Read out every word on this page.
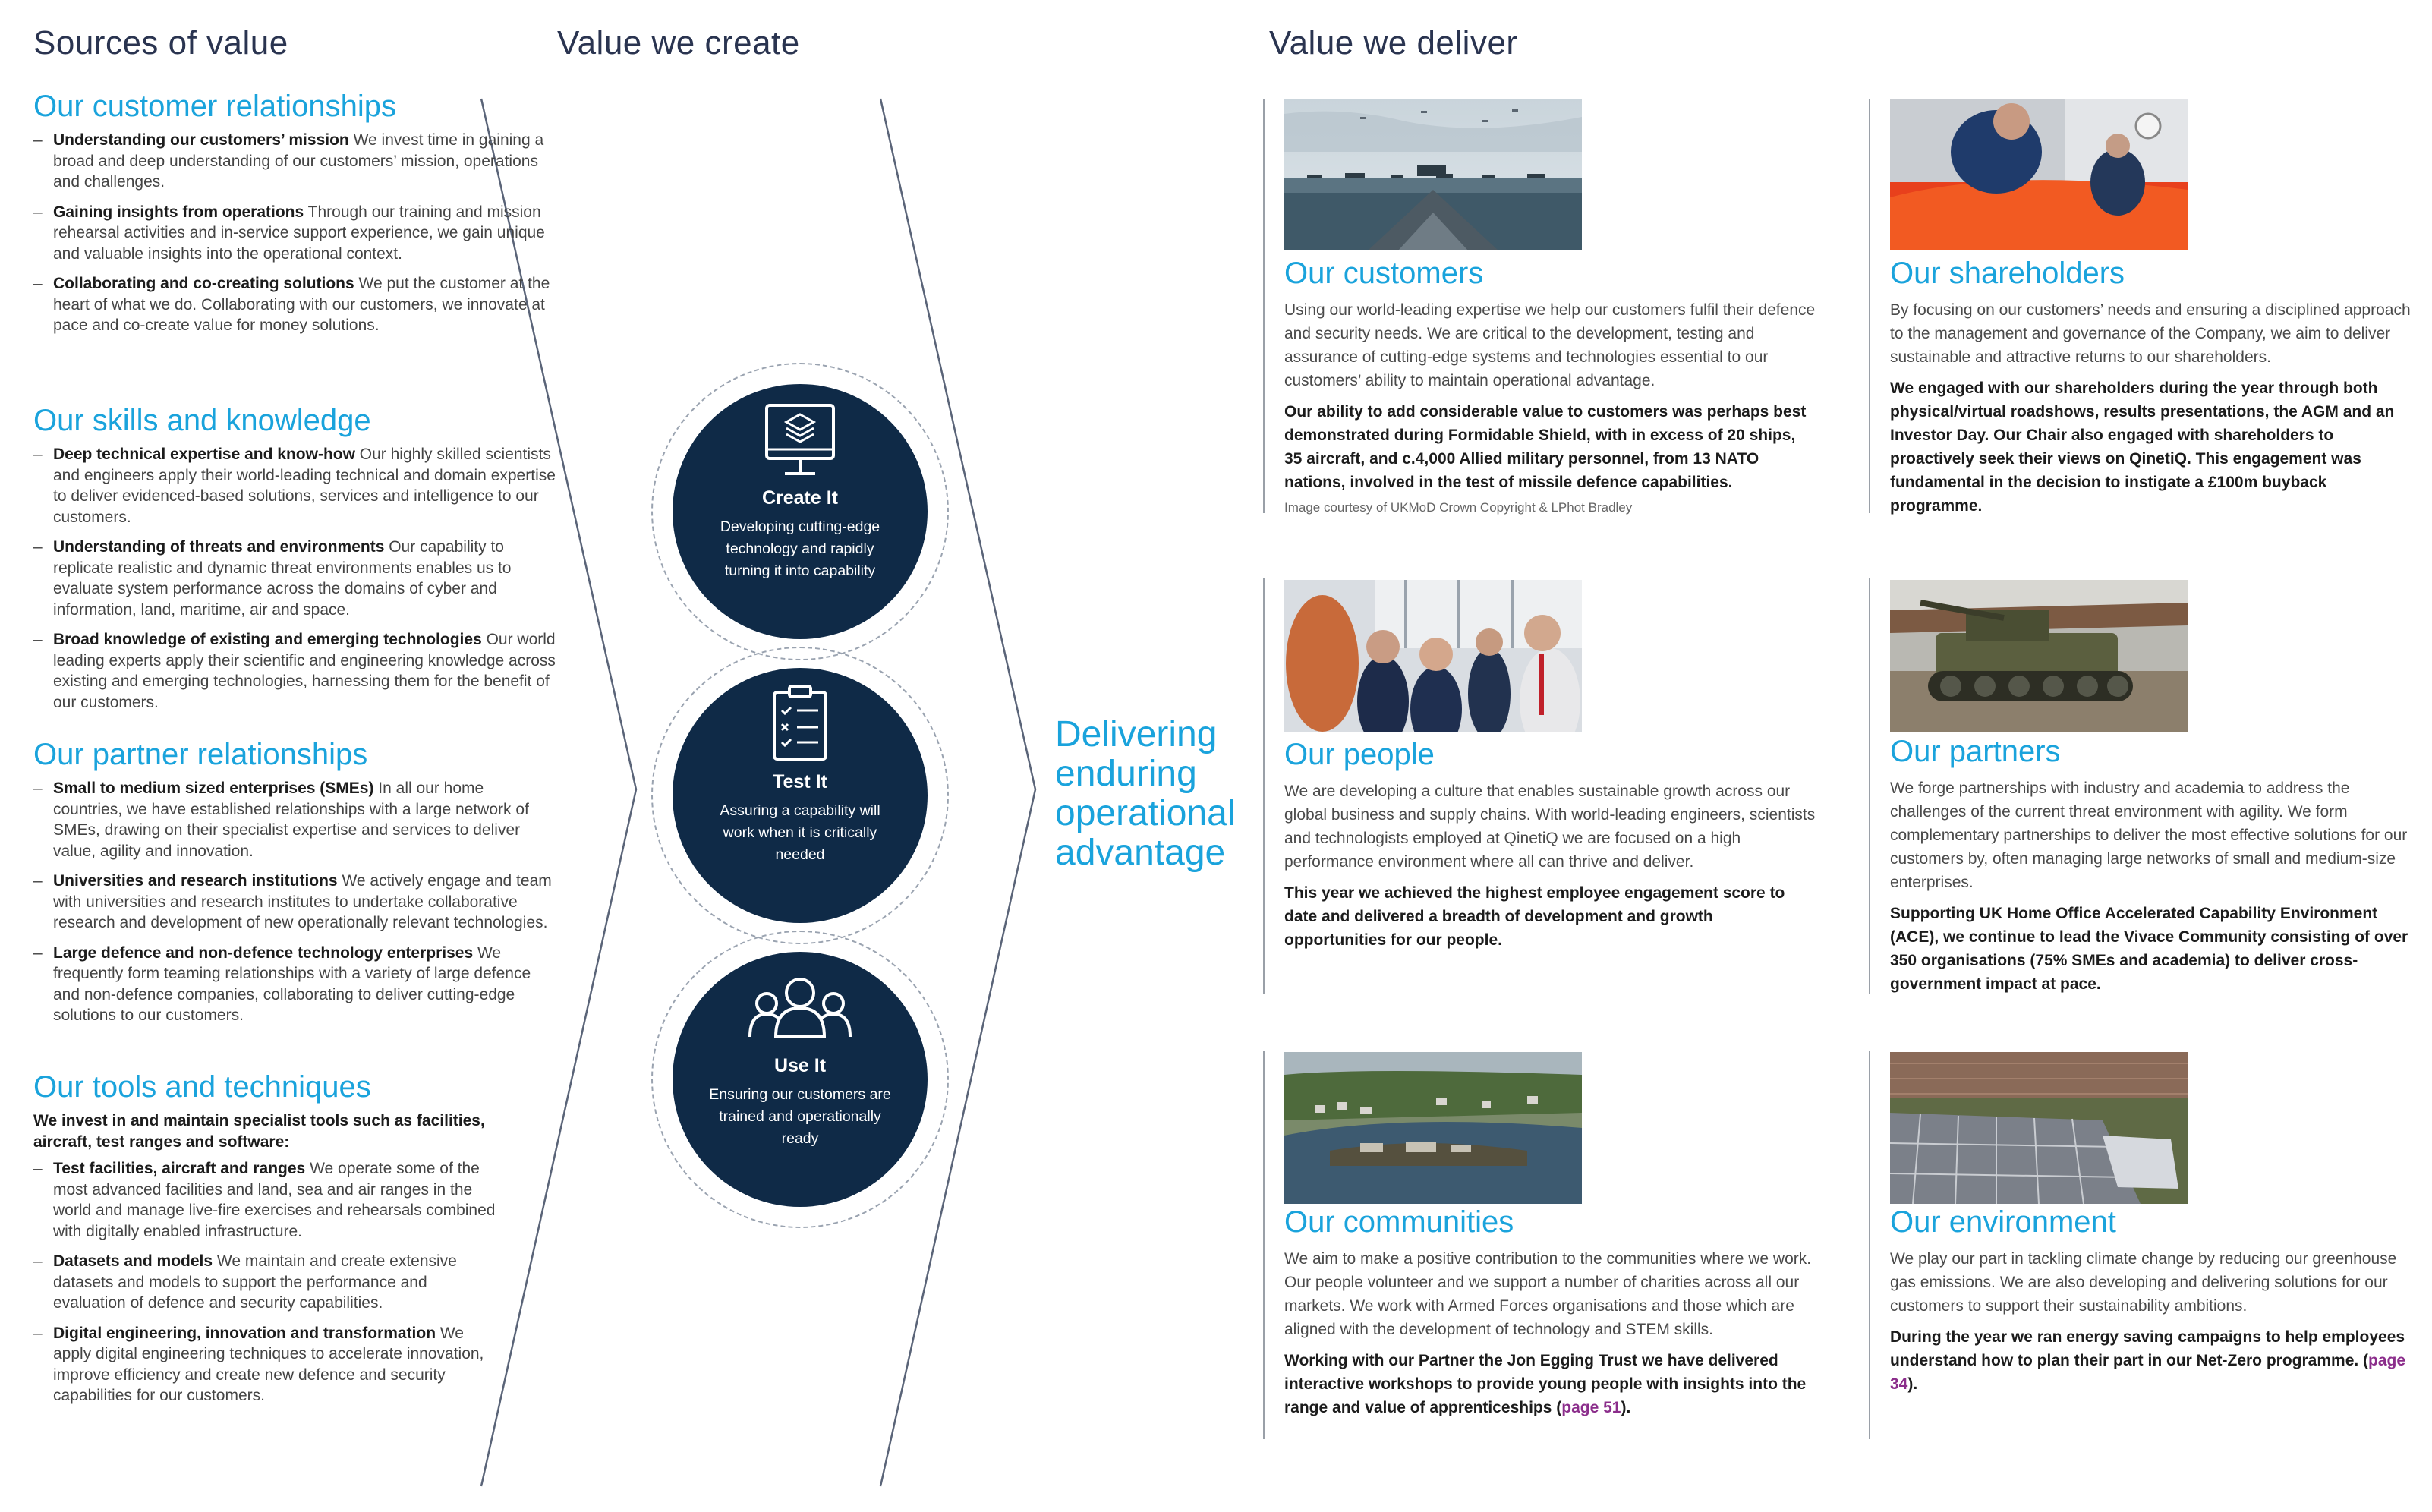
Sources of value	Value we create	Value we deliver
Our customer relationships
– Understanding our customers’ mission We invest time in gaining a broad and deep understanding of our customers’ mission, operations and challenges.
– Gaining insights from operations Through our training and mission rehearsal activities and in-service support experience, we gain unique and valuable insights into the operational context.
– Collaborating and co-creating solutions We put the customer at the heart of what we do. Collaborating with our customers, we innovate at pace and co-create value for money solutions.
Our skills and knowledge
– Deep technical expertise and know-how Our highly skilled scientists and engineers apply their world-leading technical and domain expertise to deliver evidenced-based solutions, services and intelligence to our customers.
– Understanding of threats and environments Our capability to replicate realistic and dynamic threat environments enables us to evaluate system performance across the domains of cyber and information, land, maritime, air and space.
– Broad knowledge of existing and emerging technologies Our world leading experts apply their scientific and engineering knowledge across existing and emerging technologies, harnessing them for the benefit of our customers.
Our partner relationships
– Small to medium sized enterprises (SMEs) In all our home countries, we have established relationships with a large network of SMEs, drawing on their specialist expertise and services to deliver value, agility and innovation.
– Universities and research institutions We actively engage and team with universities and research institutes to undertake collaborative research and development of new operationally relevant technologies.
– Large defence and non-defence technology enterprises We frequently form teaming relationships with a variety of large defence and non-defence companies, collaborating to deliver cutting-edge solutions to our customers.
Our tools and techniques
We invest in and maintain specialist tools such as facilities, aircraft, test ranges and software:
– Test facilities, aircraft and ranges We operate some of the most advanced facilities and land, sea and air ranges in the world and manage live-fire exercises and rehearsals combined with digitally enabled infrastructure.
– Datasets and models We maintain and create extensive datasets and models to support the performance and evaluation of defence and security capabilities.
– Digital engineering, innovation and transformation We apply digital engineering techniques to accelerate innovation, improve efficiency and create new defence and security capabilities for our customers.
Create It
Developing cutting-edge technology and rapidly turning it into capability
Test It
Assuring a capability will work when it is critically needed
Use It
Ensuring our customers are trained and operationally ready
Delivering
enduring
operational
advantage
Our customers
Using our world-leading expertise we help our customers fulfil their defence and security needs. We are critical to the development, testing and assurance of cutting-edge systems and technologies essential to our customers’ ability to maintain operational advantage.
Our ability to add considerable value to customers was perhaps best demonstrated during Formidable Shield, with in excess of 20 ships, 35 aircraft, and c.4,000 Allied military personnel, from 13 NATO nations, involved in the test of missile defence capabilities.
Image courtesy of UKMoD Crown Copyright & LPhot Bradley
Our shareholders
By focusing on our customers’ needs and ensuring a disciplined approach to the management and governance of the Company, we aim to deliver sustainable and attractive returns to our shareholders.
We engaged with our shareholders during the year through both physical/virtual roadshows, results presentations, the AGM and an Investor Day. Our Chair also engaged with shareholders to proactively seek their views on QinetiQ. This engagement was fundamental in the decision to instigate a £100m buyback programme.
Our people
We are developing a culture that enables sustainable growth across our global business and supply chains. With world-leading engineers, scientists and technologists employed at QinetiQ we are focused on a high performance environment where all can thrive and deliver.
This year we achieved the highest employee engagement score to date and delivered a breadth of development and growth opportunities for our people.
Our partners
We forge partnerships with industry and academia to address the challenges of the current threat environment with agility. We form complementary partnerships to deliver the most effective solutions for our customers by, often managing large networks of small and medium-size enterprises.
Supporting UK Home Office Accelerated Capability Environment (ACE), we continue to lead the Vivace Community consisting of over 350 organisations (75% SMEs and academia) to deliver cross-government impact at pace.
Our communities
We aim to make a positive contribution to the communities where we work. Our people volunteer and we support a number of charities across all our markets. We work with Armed Forces organisations and those which are aligned with the development of technology and STEM skills.
Working with our Partner the Jon Egging Trust we have delivered interactive workshops to provide young people with insights into the range and value of apprenticeships (page 51).
Our environment
We play our part in tackling climate change by reducing our greenhouse gas emissions. We are also developing and delivering solutions for our customers to support their sustainability ambitions.
During the year we ran energy saving campaigns to help employees understand how to plan their part in our Net-Zero programme. (page 34).
